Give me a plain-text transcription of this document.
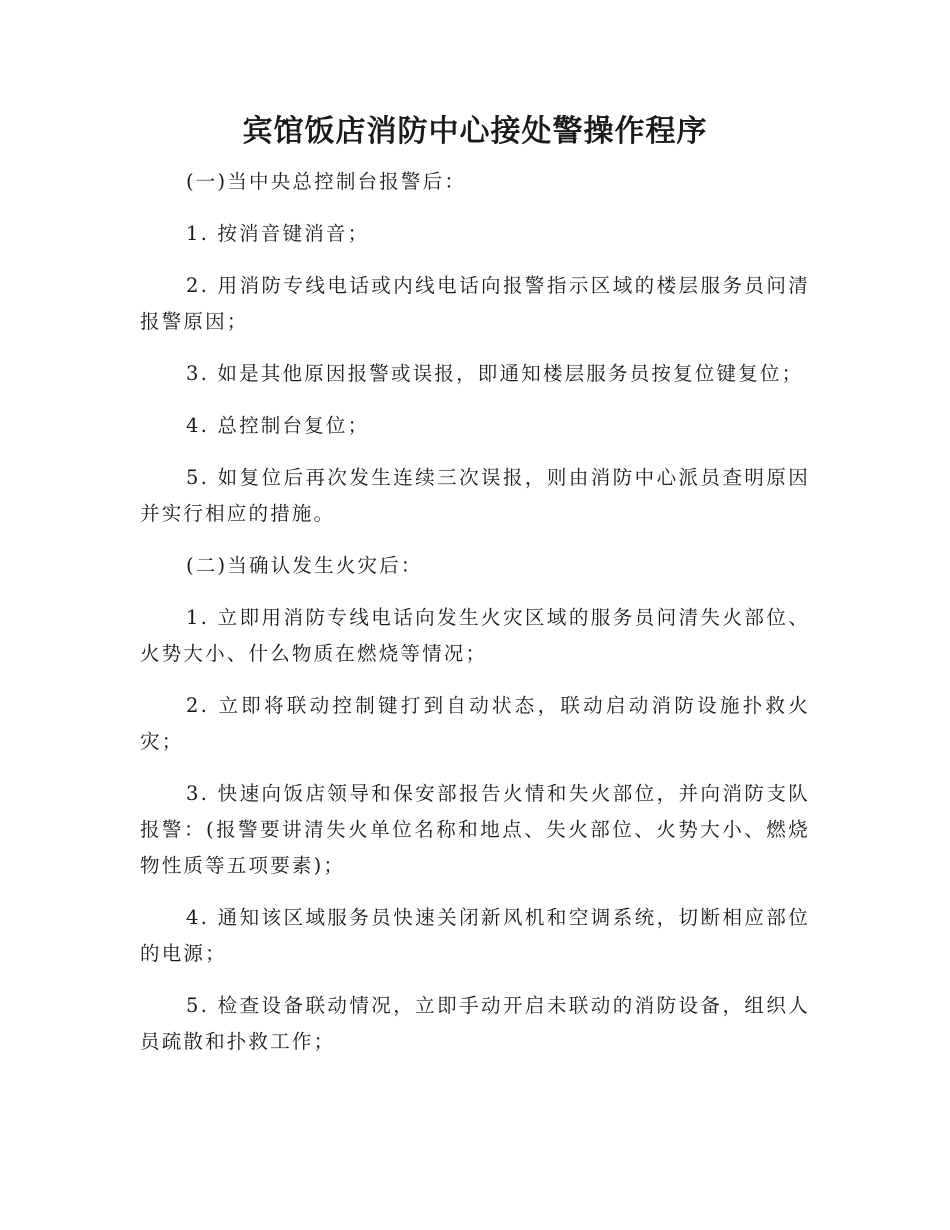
宾馆饭店消防中心接处警操作程序

(一)当中央总控制台报警后：

1. 按消音键消音；

2. 用消防专线电话或内线电话向报警指示区域的楼层服务员问清报警原因；

3. 如是其他原因报警或误报，即通知楼层服务员按复位键复位；

4. 总控制台复位；

5. 如复位后再次发生连续三次误报，则由消防中心派员查明原因并实行相应的措施。

(二)当确认发生火灾后：

1. 立即用消防专线电话向发生火灾区域的服务员问清失火部位、火势大小、什么物质在燃烧等情况；

2. 立即将联动控制键打到自动状态，联动启动消防设施扑救火灾；

3. 快速向饭店领导和保安部报告火情和失火部位，并向消防支队报警：(报警要讲清失火单位名称和地点、失火部位、火势大小、燃烧物性质等五项要素)；

4. 通知该区域服务员快速关闭新风机和空调系统，切断相应部位的电源；

5. 检查设备联动情况，立即手动开启未联动的消防设备，组织人员疏散和扑救工作；
